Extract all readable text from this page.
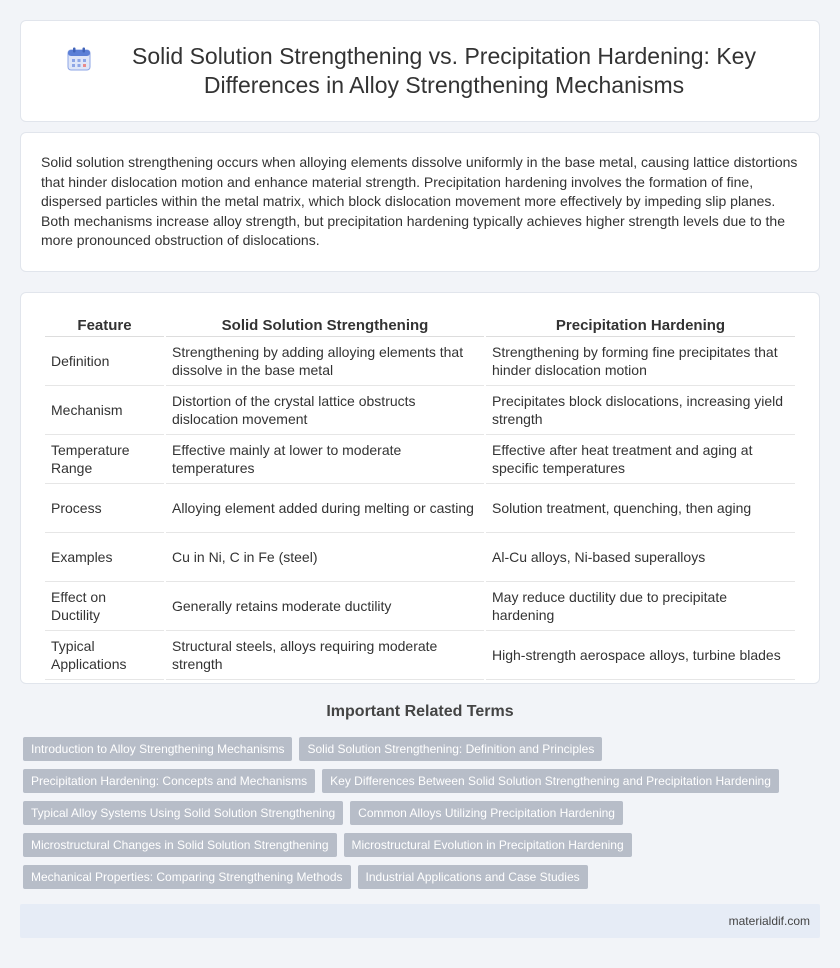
Solid Solution Strengthening vs. Precipitation Hardening: Key Differences in Alloy Strengthening Mechanisms

Solid solution strengthening occurs when alloying elements dissolve uniformly in the base metal, causing lattice distortions that hinder dislocation motion and enhance material strength. Precipitation hardening involves the formation of fine, dispersed particles within the metal matrix, which block dislocation movement more effectively by impeding slip planes. Both mechanisms increase alloy strength, but precipitation hardening typically achieves higher strength levels due to the more pronounced obstruction of dislocations.

Feature	Solid Solution Strengthening	Precipitation Hardening
Definition	Strengthening by adding alloying elements that dissolve in the base metal	Strengthening by forming fine precipitates that hinder dislocation motion
Mechanism	Distortion of the crystal lattice obstructs dislocation movement	Precipitates block dislocations, increasing yield strength
Temperature Range	Effective mainly at lower to moderate temperatures	Effective after heat treatment and aging at specific temperatures
Process	Alloying element added during melting or casting	Solution treatment, quenching, then aging
Examples	Cu in Ni, C in Fe (steel)	Al-Cu alloys, Ni-based superalloys
Effect on Ductility	Generally retains moderate ductility	May reduce ductility due to precipitate hardening
Typical Applications	Structural steels, alloys requiring moderate strength	High-strength aerospace alloys, turbine blades
Important Related Terms
Introduction to Alloy Strengthening Mechanisms	Solid Solution Strengthening: Definition and Principles
Precipitation Hardening: Concepts and Mechanisms	Key Differences Between Solid Solution Strengthening and Precipitation Hardening
Typical Alloy Systems Using Solid Solution Strengthening	Common Alloys Utilizing Precipitation Hardening
Microstructural Changes in Solid Solution Strengthening	Microstructural Evolution in Precipitation Hardening
Mechanical Properties: Comparing Strengthening Methods	Industrial Applications and Case Studies
materialdif.com
